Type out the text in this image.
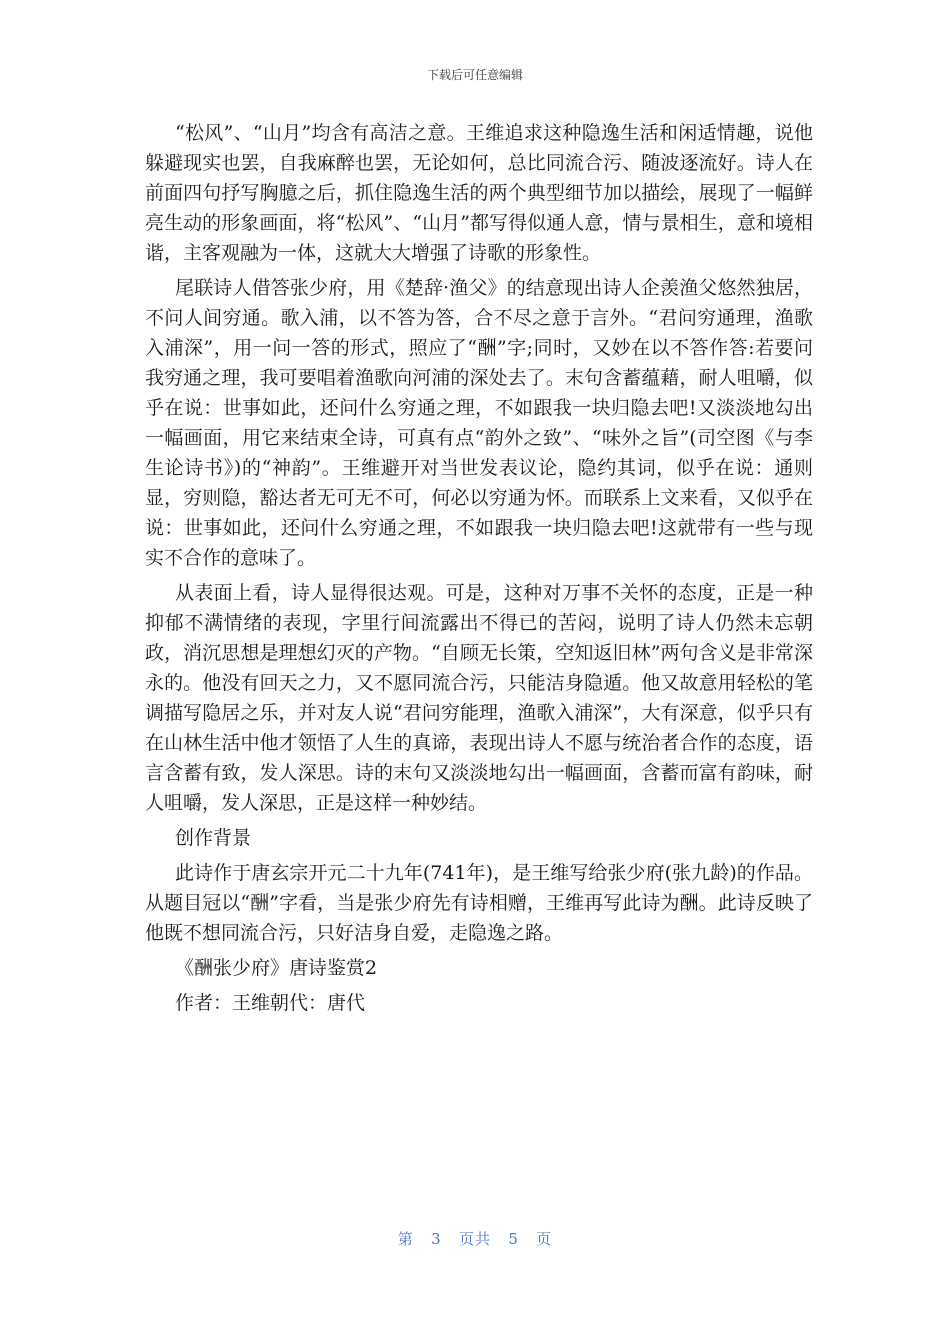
下载后可任意编辑

“松风”、“山月”均含有高洁之意。王维追求这种隐逸生活和闲适情趣，说他躲避现实也罢，自我麻醉也罢，无论如何，总比同流合污、随波逐流好。诗人在前面四句抒写胸臆之后，抓住隐逸生活的两个典型细节加以描绘，展现了一幅鲜亮生动的形象画面，将“松风”、“山月”都写得似通人意，情与景相生，意和境相谐，主客观融为一体，这就大大增强了诗歌的形象性。

尾联诗人借答张少府，用《楚辞·渔父》的结意现出诗人企羡渔父悠然独居，不问人间穷通。歌入浦，以不答为答，合不尽之意于言外。“君问穷通理，渔歌入浦深”，用一问一答的形式，照应了“酬”字;同时，又妙在以不答作答:若要问我穷通之理，我可要唱着渔歌向河浦的深处去了。末句含蓄蕴藉，耐人咀嚼，似乎在说：世事如此，还问什么穷通之理，不如跟我一块归隐去吧!又淡淡地勾出一幅画面，用它来结束全诗，可真有点“韵外之致”、“味外之旨”(司空图《与李生论诗书》)的“神韵”。王维避开对当世发表议论，隐约其词，似乎在说：通则显，穷则隐，豁达者无可无不可，何必以穷通为怀。而联系上文来看，又似乎在说：世事如此，还问什么穷通之理，不如跟我一块归隐去吧!这就带有一些与现实不合作的意味了。

从表面上看，诗人显得很达观。可是，这种对万事不关怀的态度，正是一种抑郁不满情绪的表现，字里行间流露出不得已的苦闷，说明了诗人仍然未忘朝政，消沉思想是理想幻灭的产物。“自顾无长策，空知返旧林”两句含义是非常深永的。他没有回天之力，又不愿同流合污，只能洁身隐遁。他又故意用轻松的笔调描写隐居之乐，并对友人说“君问穷能理，渔歌入浦深”，大有深意，似乎只有在山林生活中他才领悟了人生的真谛，表现出诗人不愿与统治者合作的态度，语言含蓄有致，发人深思。诗的末句又淡淡地勾出一幅画面，含蓄而富有韵味，耐人咀嚼，发人深思，正是这样一种妙结。

创作背景

此诗作于唐玄宗开元二十九年(741年)，是王维写给张少府(张九龄)的作品。从题目冠以“酬”字看，当是张少府先有诗相赠，王维再写此诗为酬。此诗反映了他既不想同流合污，只好洁身自爱，走隐逸之路。

《酬张少府》唐诗鉴赏2

作者：王维朝代：唐代

第 3 页共 5 页
